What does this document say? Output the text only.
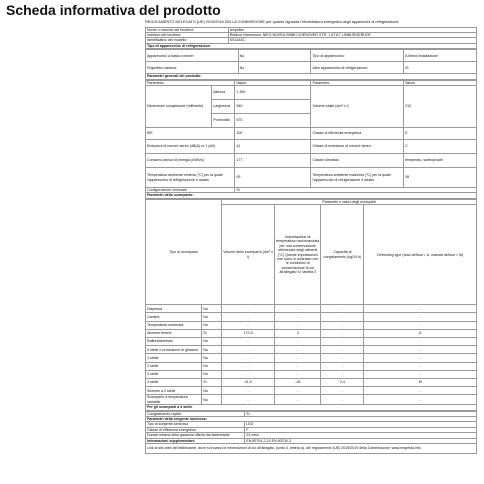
Scheda informativa del prodotto
REGOLAMENTO DELEGATO (UE) 2019/2016 DELLA COMMISSIONE per quanto riguarda l'etichettatura energetica degli apparecchi di refrigerazione
Nome o marchio del fornitore:	respekta
Indirizzo del fornitore:	Radlum Hammnum, NIEG NOVEA GMBH CHENOVER STR. 1 67117 LIMBURGERHOF
Identificativo del modello:	KS1444C
Tipo di apparecchio di refrigerazione:	
Apparecchio a basso rumore:	No	Tipo di apparecchio:	A libera installazione
Frigorifero cantina:	No	Altro apparecchio di refrigerazione:	Sì
Parametri generali del prodotto:			
Parametro		Valore	Parametro	Valore
Dimensioni complessive (millimetri)	Altezza	1 450	Volume totale (dm³ o l)	212
	Larghezza	540		
	Profondità	570		
IEE		100	Classe di efficienza energetica	E
Emissioni di rumore aereo (dB(A) re 1 pW)		41	Classe di emissione di rumore aereo	C
Consumo annuo di energia (kWh/a)		177	Classe climatica:	temperato, subtropicale
Temperatura ambiente minima (°C) per la quale l'apparecchio di refrigerazione è adatto		09	Temperatura ambiente massima (°C) per la quale l'apparecchio di refrigerazione è adatto	38
Configurazione invernale		Sì		
Parametri dello scomparto:				
Tipo di scomparto		Parametri e valori degli scomparti			
		Volume dello scomparto (dm³ o l)	Impostazione di temperatura raccomandata per una conservazione ottimizzata degli alimenti (°C) Queste impostazioni non sono in contrasto con le condizioni di conservazione di cui all'allegato IV, tabella 3	Capacità di congelamento (kg/24 h)	Defrosting type (auto-defrost = A, manual defrost = M)
Dispensa	No	-	-	-	-
Cantina	No	-	-	-	-
Temperatura moderata	No	-	-	-	-
Alimenti freschi	Sì	170,5	4	-	A
Raffreddamento	No	-	-	-	-
0 stelle o produzione di ghiaccio	No	-	-	-	-
1 stella	No	-	-	-	-
2 stelle	No	-	-	-	-
3 stelle	No	-	-	-	-
4 stelle	Sì	41,5	-18	2,4	M
Sezione a 2 stelle	No	-	-	-	-
Scomparto a temperatura variabile	No	-	-	-	-
Per gli scomparti a 4 stelle					
Congelamento rapido	Sì
Parametri della sorgente luminosa:	
Tipo di sorgente luminosa	LED
Classe di efficienza energetica	F
Durata minima della garanzia offerta dal fabbricante:	24 mesi
Informazioni supplementari:	EN 60704-2-14 EN 60704-3
Link al sito web del fabbricante, dove si trovano le informazioni di cui all'allegato, punto 4, lettera a), del regolamento (UE) 2019/2019 della Commissione: www.respekta.info	
